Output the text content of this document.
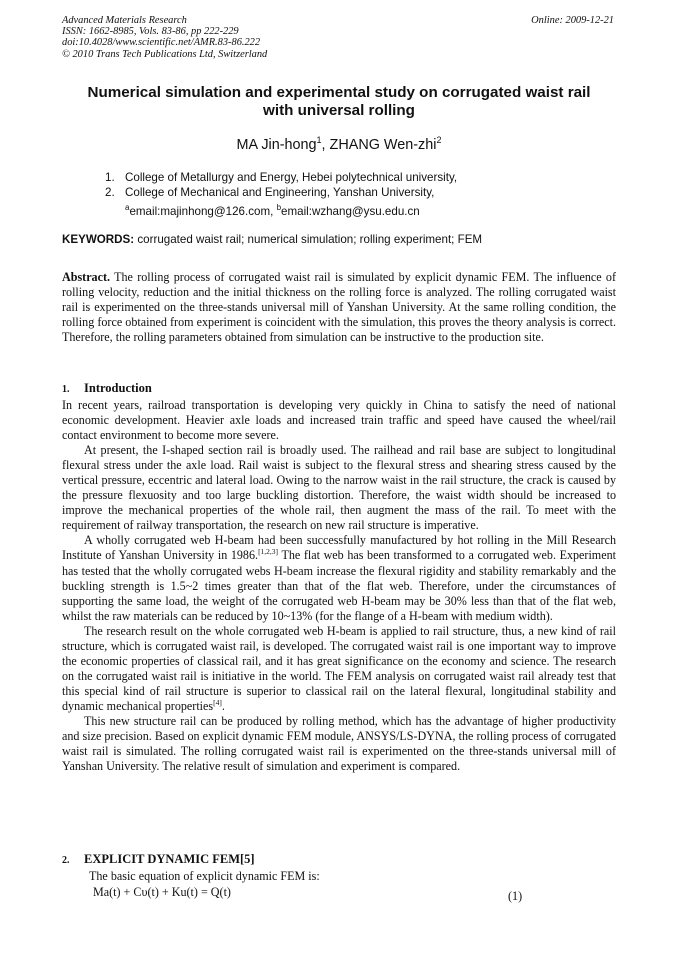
Advanced Materials Research
ISSN: 1662-8985, Vols. 83-86, pp 222-229
doi:10.4028/www.scientific.net/AMR.83-86.222
© 2010 Trans Tech Publications Ltd, Switzerland
Online: 2009-12-21
Numerical simulation and experimental study on corrugated waist rail
with universal rolling
MA Jin-hong$^1$, ZHANG Wen-zhi$^2$
1. College of Metallurgy and Energy, Hebei polytechnical university,
2. College of Mechanical and Engineering, Yanshan University,
$^a$email:majinhong@126.com, $^b$email:wzhang@ysu.edu.cn
KEYWORDS: corrugated waist rail; numerical simulation; rolling experiment; FEM

Abstract. The rolling process of corrugated waist rail is simulated by explicit dynamic FEM. The influence of rolling velocity, reduction and the initial thickness on the rolling force is analyzed. The rolling corrugated waist rail is experimented on the three-stands universal mill of Yanshan University. At the same rolling condition, the rolling force obtained from experiment is coincident with the simulation, this proves the theory analysis is correct. Therefore, the rolling parameters obtained from simulation can be instructive to the production site.

1. Introduction

In recent years, railroad transportation is developing very quickly in China to satisfy the need of national economic development. Heavier axle loads and increased train traffic and speed have caused the wheel/rail contact environment to become more severe.

At present, the I-shaped section rail is broadly used. The railhead and rail base are subject to longitudinal flexural stress under the axle load. Rail waist is subject to the flexural stress and shearing stress caused by the vertical pressure, eccentric and lateral load. Owing to the narrow waist in the rail structure, the crack is caused by the pressure flexuosity and too large buckling distortion. Therefore, the waist width should be increased to improve the mechanical properties of the whole rail, then augment the mass of the rail. To meet with the requirement of railway transportation, the research on new rail structure is imperative.

A wholly corrugated web H-beam had been successfully manufactured by hot rolling in the Mill Research Institute of Yanshan University in 1986.[1,2,3] The flat web has been transformed to a corrugated web. Experiment has tested that the wholly corrugated webs H-beam increase the flexural rigidity and stability remarkably and the buckling strength is 1.5~2 times greater than that of the flat web. Therefore, under the circumstances of supporting the same load, the weight of the corrugated web H-beam may be 30% less than that of the flat web, whilst the raw materials can be reduced by 10~13% (for the flange of a H-beam with medium width).

The research result on the whole corrugated web H-beam is applied to rail structure, thus, a new kind of rail structure, which is corrugated waist rail, is developed. The corrugated waist rail is one important way to improve the economic properties of classical rail, and it has great significance on the economy and science. The research on the corrugated waist rail is initiative in the world. The FEM analysis on corrugated waist rail already test that this special kind of rail structure is superior to classical rail on the lateral flexural, longitudinal stability and dynamic mechanical properties[4].

This new structure rail can be produced by rolling method, which has the advantage of higher productivity and size precision. Based on explicit dynamic FEM module, ANSYS/LS-DYNA, the rolling process of corrugated waist rail is simulated. The rolling corrugated waist rail is experimented on the three-stands universal mill of Yanshan University. The relative result of simulation and experiment is compared.

2. EXPLICIT DYNAMIC FEM[5]

The basic equation of explicit dynamic FEM is:

Ma(t) + Cυ(t) + Ku(t) = Q(t)	(1)
